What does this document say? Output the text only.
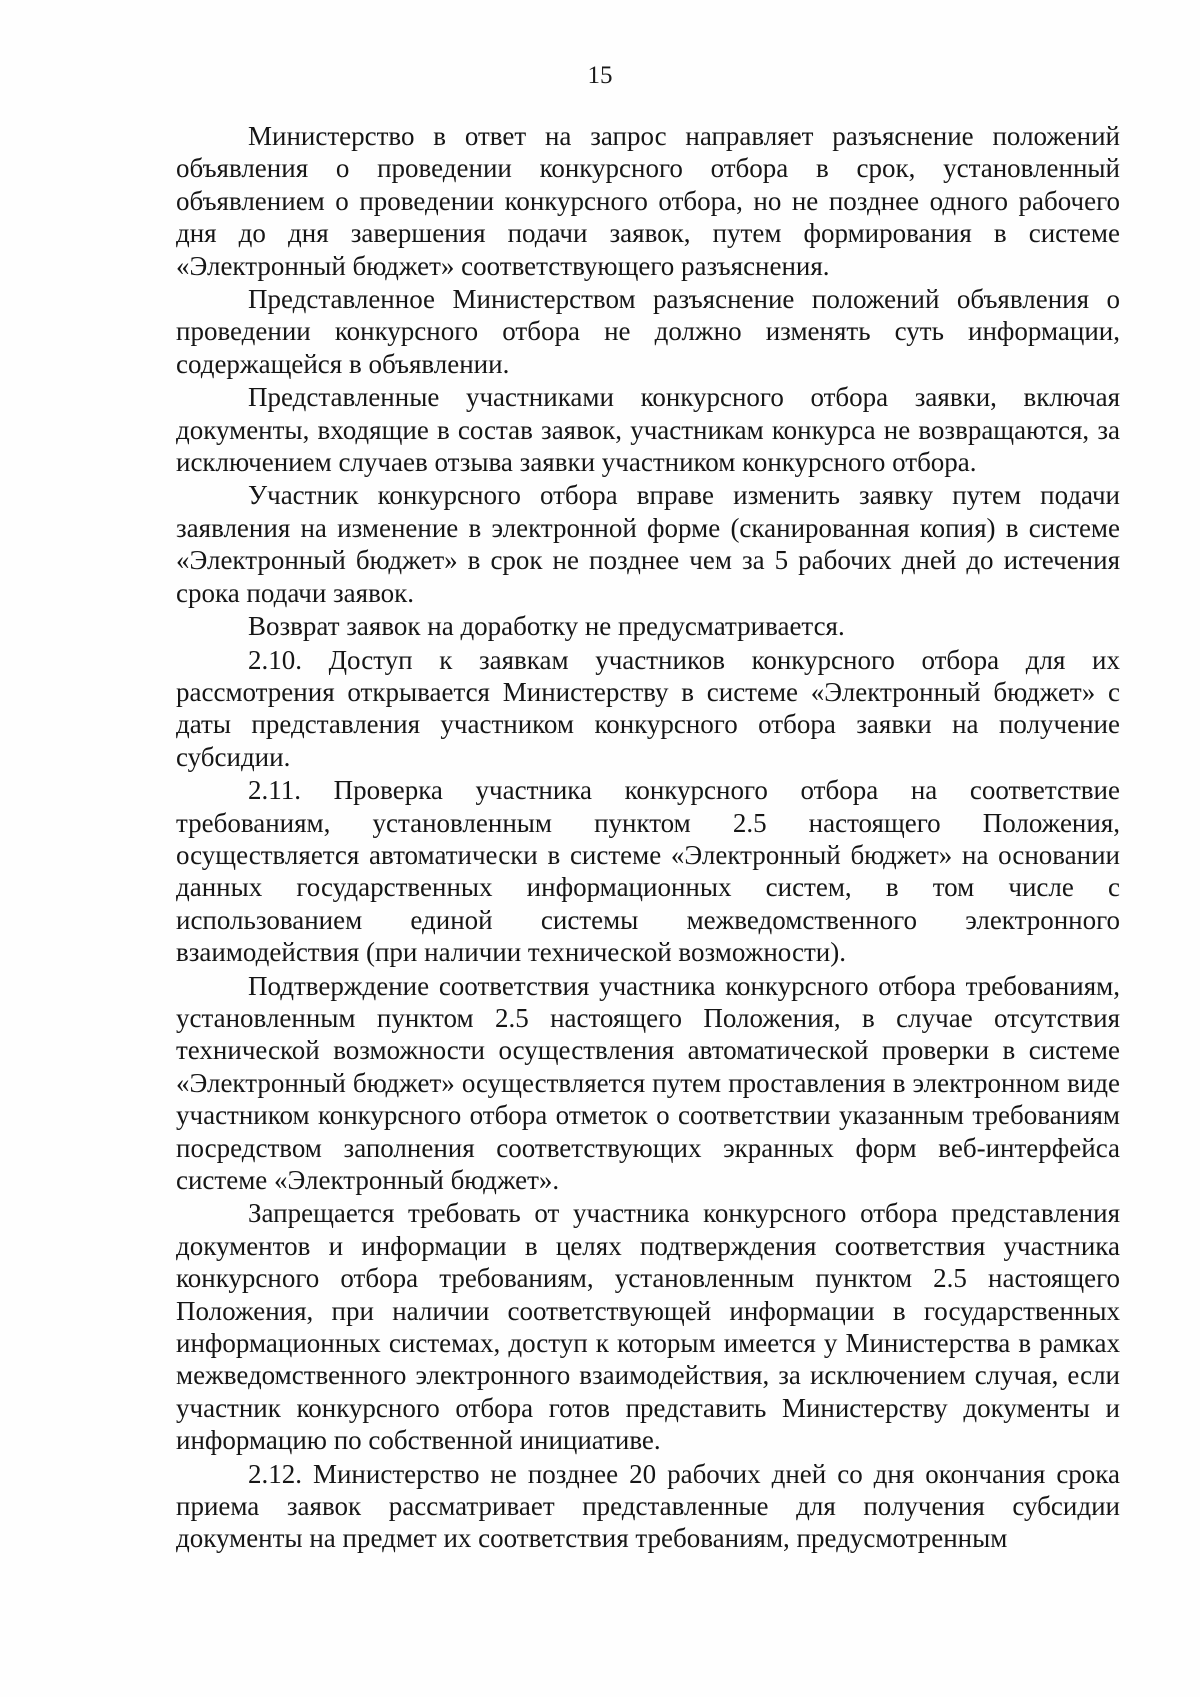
15

Министерство в ответ на запрос направляет разъяснение положений объявления о проведении конкурсного отбора в срок, установленный объявлением о проведении конкурсного отбора, но не позднее одного рабочего дня до дня завершения подачи заявок, путем формирования в системе «Электронный бюджет» соответствующего разъяснения.

Представленное Министерством разъяснение положений объявления о проведении конкурсного отбора не должно изменять суть информации, содержащейся в объявлении.

Представленные участниками конкурсного отбора заявки, включая документы, входящие в состав заявок, участникам конкурса не возвращаются, за исключением случаев отзыва заявки участником конкурсного отбора.

Участник конкурсного отбора вправе изменить заявку путем подачи заявления на изменение в электронной форме (сканированная копия) в системе «Электронный бюджет» в срок не позднее чем за 5 рабочих дней до истечения срока подачи заявок.

Возврат заявок на доработку не предусматривается.

2.10. Доступ к заявкам участников конкурсного отбора для их рассмотрения открывается Министерству в системе «Электронный бюджет» с даты представления участником конкурсного отбора заявки на получение субсидии.

2.11. Проверка участника конкурсного отбора на соответствие требованиям, установленным пунктом 2.5 настоящего Положения, осуществляется автоматически в системе «Электронный бюджет» на основании данных государственных информационных систем, в том числе с использованием единой системы межведомственного электронного взаимодействия (при наличии технической возможности).

Подтверждение соответствия участника конкурсного отбора требованиям, установленным пунктом 2.5 настоящего Положения, в случае отсутствия технической возможности осуществления автоматической проверки в системе «Электронный бюджет» осуществляется путем проставления в электронном виде участником конкурсного отбора отметок о соответствии указанным требованиям посредством заполнения соответствующих экранных форм веб-интерфейса системе «Электронный бюджет».

Запрещается требовать от участника конкурсного отбора представления документов и информации в целях подтверждения соответствия участника конкурсного отбора требованиям, установленным пунктом 2.5 настоящего Положения, при наличии соответствующей информации в государственных информационных системах, доступ к которым имеется у Министерства в рамках межведомственного электронного взаимодействия, за исключением случая, если участник конкурсного отбора готов представить Министерству документы и информацию по собственной инициативе.

2.12. Министерство не позднее 20 рабочих дней со дня окончания срока приема заявок рассматривает представленные для получения субсидии документы на предмет их соответствия требованиям, предусмотренным
